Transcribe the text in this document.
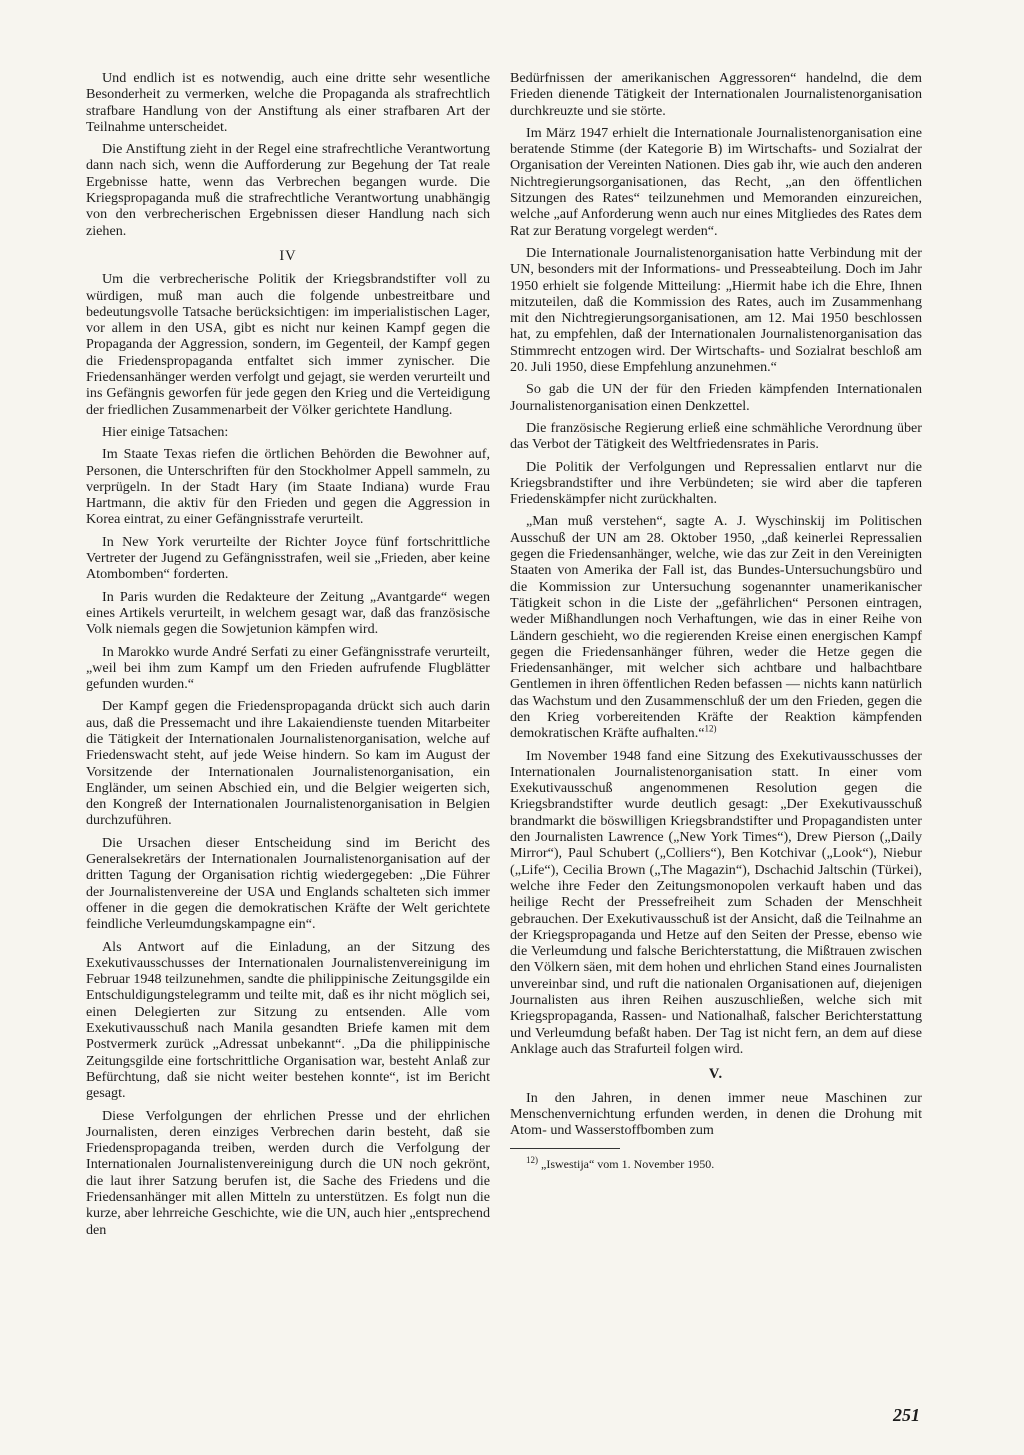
Und endlich ist es notwendig, auch eine dritte sehr wesentliche Besonderheit zu vermerken, welche die Propaganda als strafrechtlich strafbare Handlung von der Anstiftung als einer strafbaren Art der Teilnahme unterscheidet.

Die Anstiftung zieht in der Regel eine strafrechtliche Verantwortung dann nach sich, wenn die Aufforderung zur Begehung der Tat reale Ergebnisse hatte, wenn das Verbrechen begangen wurde. Die Kriegspropaganda muß die strafrechtliche Verantwortung unabhängig von den verbrecherischen Ergebnissen dieser Handlung nach sich ziehen.

IV

Um die verbrecherische Politik der Kriegsbrandstifter voll zu würdigen, muß man auch die folgende unbestreitbare und bedeutungsvolle Tatsache berücksichtigen: im imperialistischen Lager, vor allem in den USA, gibt es nicht nur keinen Kampf gegen die Propaganda der Aggression, sondern, im Gegenteil, der Kampf gegen die Friedenspropaganda entfaltet sich immer zynischer. Die Friedensanhänger werden verfolgt und gejagt, sie werden verurteilt und ins Gefängnis geworfen für jede gegen den Krieg und die Verteidigung der friedlichen Zusammenarbeit der Völker gerichtete Handlung.

Hier einige Tatsachen:

Im Staate Texas riefen die örtlichen Behörden die Bewohner auf, Personen, die Unterschriften für den Stockholmer Appell sammeln, zu verprügeln. In der Stadt Hary (im Staate Indiana) wurde Frau Hartmann, die aktiv für den Frieden und gegen die Aggression in Korea eintrat, zu einer Gefängnisstrafe verurteilt.

In New York verurteilte der Richter Joyce fünf fortschrittliche Vertreter der Jugend zu Gefängnisstrafen, weil sie „Frieden, aber keine Atombomben“ forderten.

In Paris wurden die Redakteure der Zeitung „Avantgarde“ wegen eines Artikels verurteilt, in welchem gesagt war, daß das französische Volk niemals gegen die Sowjetunion kämpfen wird.

In Marokko wurde André Serfati zu einer Gefängnisstrafe verurteilt, „weil bei ihm zum Kampf um den Frieden aufrufende Flugblätter gefunden wurden.“

Der Kampf gegen die Friedenspropaganda drückt sich auch darin aus, daß die Pressemacht und ihre Lakaiendienste tuenden Mitarbeiter die Tätigkeit der Internationalen Journalistenorganisation, welche auf Friedenswacht steht, auf jede Weise hindern. So kam im August der Vorsitzende der Internationalen Journalistenorganisation, ein Engländer, um seinen Abschied ein, und die Belgier weigerten sich, den Kongreß der Internationalen Journalistenorganisation in Belgien durchzuführen.

Die Ursachen dieser Entscheidung sind im Bericht des Generalsekretärs der Internationalen Journalistenorganisation auf der dritten Tagung der Organisation richtig wiedergegeben: „Die Führer der Journalistenvereine der USA und Englands schalteten sich immer offener in die gegen die demokratischen Kräfte der Welt gerichtete feindliche Verleumdungskampagne ein“.

Als Antwort auf die Einladung, an der Sitzung des Exekutivausschusses der Internationalen Journalistenvereinigung im Februar 1948 teilzunehmen, sandte die philippinische Zeitungsgilde ein Entschuldigungstelegramm und teilte mit, daß es ihr nicht möglich sei, einen Delegierten zur Sitzung zu entsenden. Alle vom Exekutivausschuß nach Manila gesandten Briefe kamen mit dem Postvermerk zurück „Adressat unbekannt“. „Da die philippinische Zeitungsgilde eine fortschrittliche Organisation war, besteht Anlaß zur Befürchtung, daß sie nicht weiter bestehen konnte“, ist im Bericht gesagt.

Diese Verfolgungen der ehrlichen Presse und der ehrlichen Journalisten, deren einziges Verbrechen darin besteht, daß sie Friedenspropaganda treiben, werden durch die Verfolgung der Internationalen Journalistenvereinigung durch die UN noch gekrönt, die laut ihrer Satzung berufen ist, die Sache des Friedens und die Friedensanhänger mit allen Mitteln zu unterstützen. Es folgt nun die kurze, aber lehrreiche Geschichte, wie die UN, auch hier „entsprechend den

Bedürfnissen der amerikanischen Aggressoren“ handelnd, die dem Frieden dienende Tätigkeit der Internationalen Journalistenorganisation durchkreuzte und sie störte.

Im März 1947 erhielt die Internationale Journalistenorganisation eine beratende Stimme (der Kategorie B) im Wirtschafts- und Sozialrat der Organisation der Vereinten Nationen. Dies gab ihr, wie auch den anderen Nichtregierungsorganisationen, das Recht, „an den öffentlichen Sitzungen des Rates“ teilzunehmen und Memoranden einzureichen, welche „auf Anforderung wenn auch nur eines Mitgliedes des Rates dem Rat zur Beratung vorgelegt werden“.

Die Internationale Journalistenorganisation hatte Verbindung mit der UN, besonders mit der Informations- und Presseabteilung. Doch im Jahr 1950 erhielt sie folgende Mitteilung: „Hiermit habe ich die Ehre, Ihnen mitzuteilen, daß die Kommission des Rates, auch im Zusammenhang mit den Nichtregierungsorganisationen, am 12. Mai 1950 beschlossen hat, zu empfehlen, daß der Internationalen Journalistenorganisation das Stimmrecht entzogen wird. Der Wirtschafts- und Sozialrat beschloß am 20. Juli 1950, diese Empfehlung anzunehmen.“

So gab die UN der für den Frieden kämpfenden Internationalen Journalistenorganisation einen Denkzettel.

Die französische Regierung erließ eine schmähliche Verordnung über das Verbot der Tätigkeit des Weltfriedensrates in Paris.

Die Politik der Verfolgungen und Repressalien entlarvt nur die Kriegsbrandstifter und ihre Verbündeten; sie wird aber die tapferen Friedenskämpfer nicht zurückhalten.

„Man muß verstehen“, sagte A. J. Wyschinskij im Politischen Ausschuß der UN am 28. Oktober 1950, „daß keinerlei Repressalien gegen die Friedensanhänger, welche, wie das zur Zeit in den Vereinigten Staaten von Amerika der Fall ist, das Bundes-Untersuchungsbüro und die Kommission zur Untersuchung sogenannter unamerikanischer Tätigkeit schon in die Liste der „gefährlichen“ Personen eintragen, weder Mißhandlungen noch Verhaftungen, wie das in einer Reihe von Ländern geschieht, wo die regierenden Kreise einen energischen Kampf gegen die Friedensanhänger führen, weder die Hetze gegen die Friedensanhänger, mit welcher sich achtbare und halbachtbare Gentlemen in ihren öffentlichen Reden befassen — nichts kann natürlich das Wachstum und den Zusammenschluß der um den Frieden, gegen die den Krieg vorbereitenden Kräfte der Reaktion kämpfenden demokratischen Kräfte aufhalten.“$^{12)}$

Im November 1948 fand eine Sitzung des Exekutivausschusses der Internationalen Journalistenorganisation statt. In einer vom Exekutivausschuß angenommenen Resolution gegen die Kriegsbrandstifter wurde deutlich gesagt: „Der Exekutivausschuß brandmarkt die böswilligen Kriegsbrandstifter und Propagandisten unter den Journalisten Lawrence („New York Times“), Drew Pierson („Daily Mirror“), Paul Schubert („Colliers“), Ben Kotchivar („Look“), Niebur („Life“), Cecilia Brown („The Magazin“), Dschachid Jaltschin (Türkei), welche ihre Feder den Zeitungsmonopolen verkauft haben und das heilige Recht der Pressefreiheit zum Schaden der Menschheit gebrauchen. Der Exekutivausschuß ist der Ansicht, daß die Teilnahme an der Kriegspropaganda und Hetze auf den Seiten der Presse, ebenso wie die Verleumdung und falsche Berichterstattung, die Mißtrauen zwischen den Völkern säen, mit dem hohen und ehrlichen Stand eines Journalisten unvereinbar sind, und ruft die nationalen Organisationen auf, diejenigen Journalisten aus ihren Reihen auszuschließen, welche sich mit Kriegspropaganda, Rassen- und Nationalhaß, falscher Berichterstattung und Verleumdung befaßt haben. Der Tag ist nicht fern, an dem auf diese Anklage auch das Strafurteil folgen wird.

V.

In den Jahren, in denen immer neue Maschinen zur Menschenvernichtung erfunden werden, in denen die Drohung mit Atom- und Wasserstoffbomben zum

$^{12)}$ „Iswestija“ vom 1. November 1950.

251
